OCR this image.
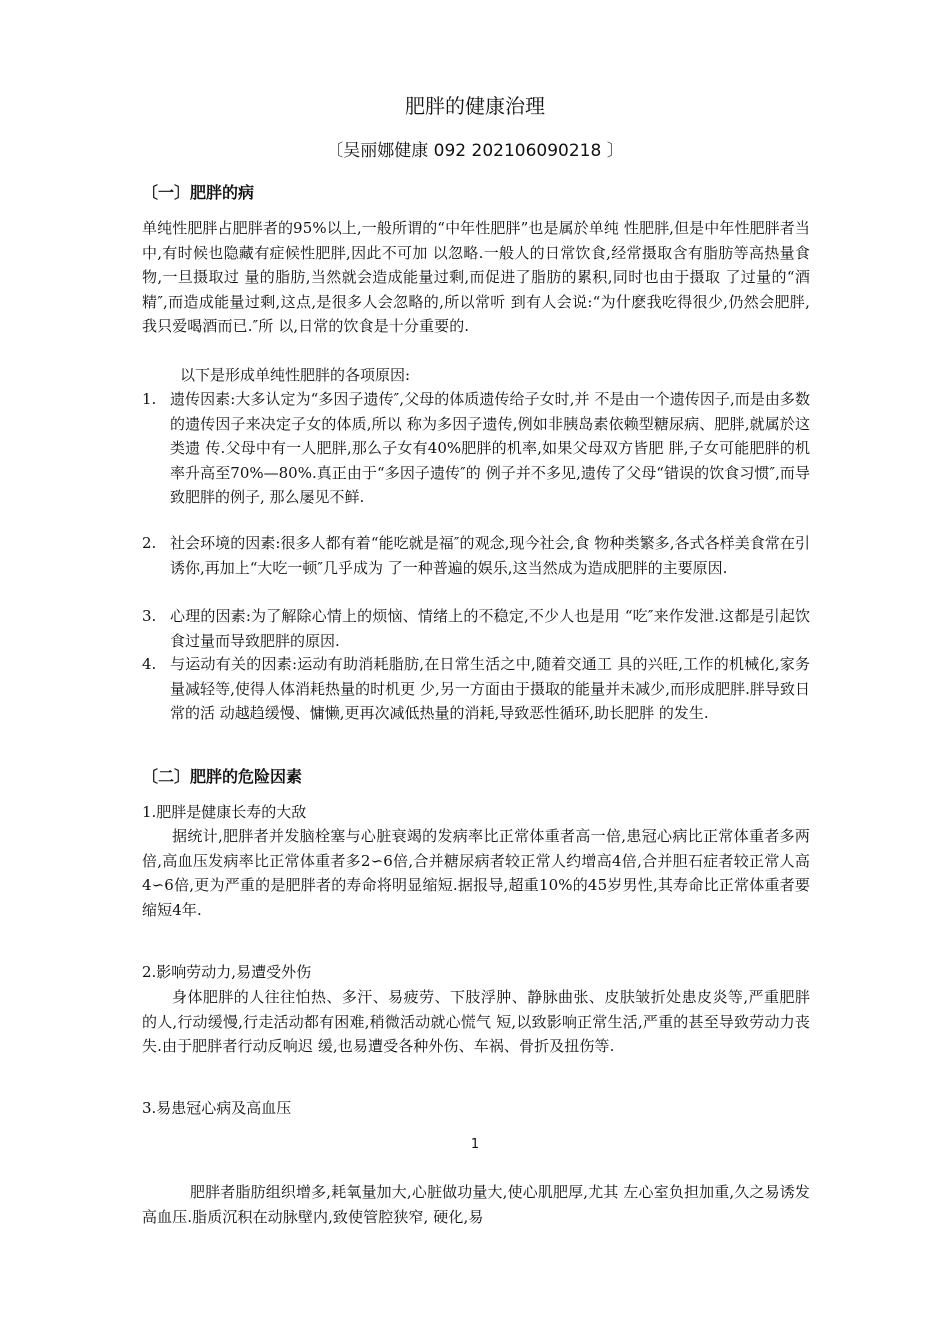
肥胖的健康治理
〔吴丽娜健康 092 202106090218 〕
〔一〕肥胖的病
单纯性肥胖占肥胖者的95%以上,一般所谓的“中年性肥胖”也是属於单纯 性肥胖,但是中年性肥胖者当中,有时候也隐藏有症候性肥胖,因此不可加 以忽略.一般人的日常饮食,经常摄取含有脂肪等高热量食物,一旦摄取过 量的脂肪,当然就会造成能量过剩,而促进了脂肪的累积,同时也由于摄取 了过量的“酒精″,而造成能量过剩,这点,是很多人会忽略的,所以常听 到有人会说:“为什麽我吃得很少,仍然会肥胖,我只爱喝酒而已.″所 以,日常的饮食是十分重要的.
以下是形成单纯性肥胖的各项原因:
1. 遗传因素:大多认定为“多因子遗传″,父母的体质遗传给子女时,并 不是由一个遗传因子,而是由多数的遗传因子来决定子女的体质,所以 称为多因子遗传,例如非胰岛素依赖型糖尿病、肥胖,就属於这类遗 传.父母中有一人肥胖,那么子女有40%肥胖的机率,如果父母双方皆肥 胖,子女可能肥胖的机率升高至70%—80%.真正由于“多因子遗传″的 例子并不多见,遗传了父母“错误的饮食习惯″,而导致肥胖的例子, 那么屡见不鲜.
2. 社会环境的因素:很多人都有着“能吃就是福″的观念,现今社会,食 物种类繁多,各式各样美食常在引诱你,再加上“大吃一顿″几乎成为 了一种普遍的娱乐,这当然成为造成肥胖的主要原因.
3. 心理的因素:为了解除心情上的烦恼、情绪上的不稳定,不少人也是用 “吃″来作发泄.这都是引起饮食过量而导致肥胖的原因.
4. 与运动有关的因素:运动有助消耗脂肪,在日常生活之中,随着交通工 具的兴旺,工作的机械化,家务量减轻等,使得人体消耗热量的时机更 少,另一方面由于摄取的能量并未减少,而形成肥胖.胖导致日常的活 动越趋缓慢、慵懒,更再次减低热量的消耗,导致恶性循环,助长肥胖 的发生.
〔二〕肥胖的危险因素
1.肥胖是健康长寿的大敌
据统计,肥胖者并发脑栓塞与心脏衰竭的发病率比正常体重者高一倍,患冠心病比正常体重者多两倍,高血压发病率比正常体重者多2∽6倍,合并糖尿病者较正常人约增高4倍,合并胆石症者较正常人高4∽6倍,更为严重的是肥胖者的寿命将明显缩短.据报导,超重10%的45岁男性,其寿命比正常体重者要 缩短4年.
2.影响劳动力,易遭受外伤
身体肥胖的人往往怕热、多汗、易疲劳、下肢浮肿、静脉曲张、皮肤皱折处患皮炎等,严重肥胖的人,行动缓慢,行走活动都有困难,稍微活动就心慌气 短,以致影响正常生活,严重的甚至导致劳动力丧失.由于肥胖者行动反响迟 缓,也易遭受各种外伤、车祸、骨折及扭伤等.
3.易患冠心病及高血压
1
肥胖者脂肪组织增多,耗氧量加大,心脏做功量大,使心肌肥厚,尤其 左心室负担加重,久之易诱发高血压.脂质沉积在动脉壁内,致使管腔狭窄, 硬化,易
